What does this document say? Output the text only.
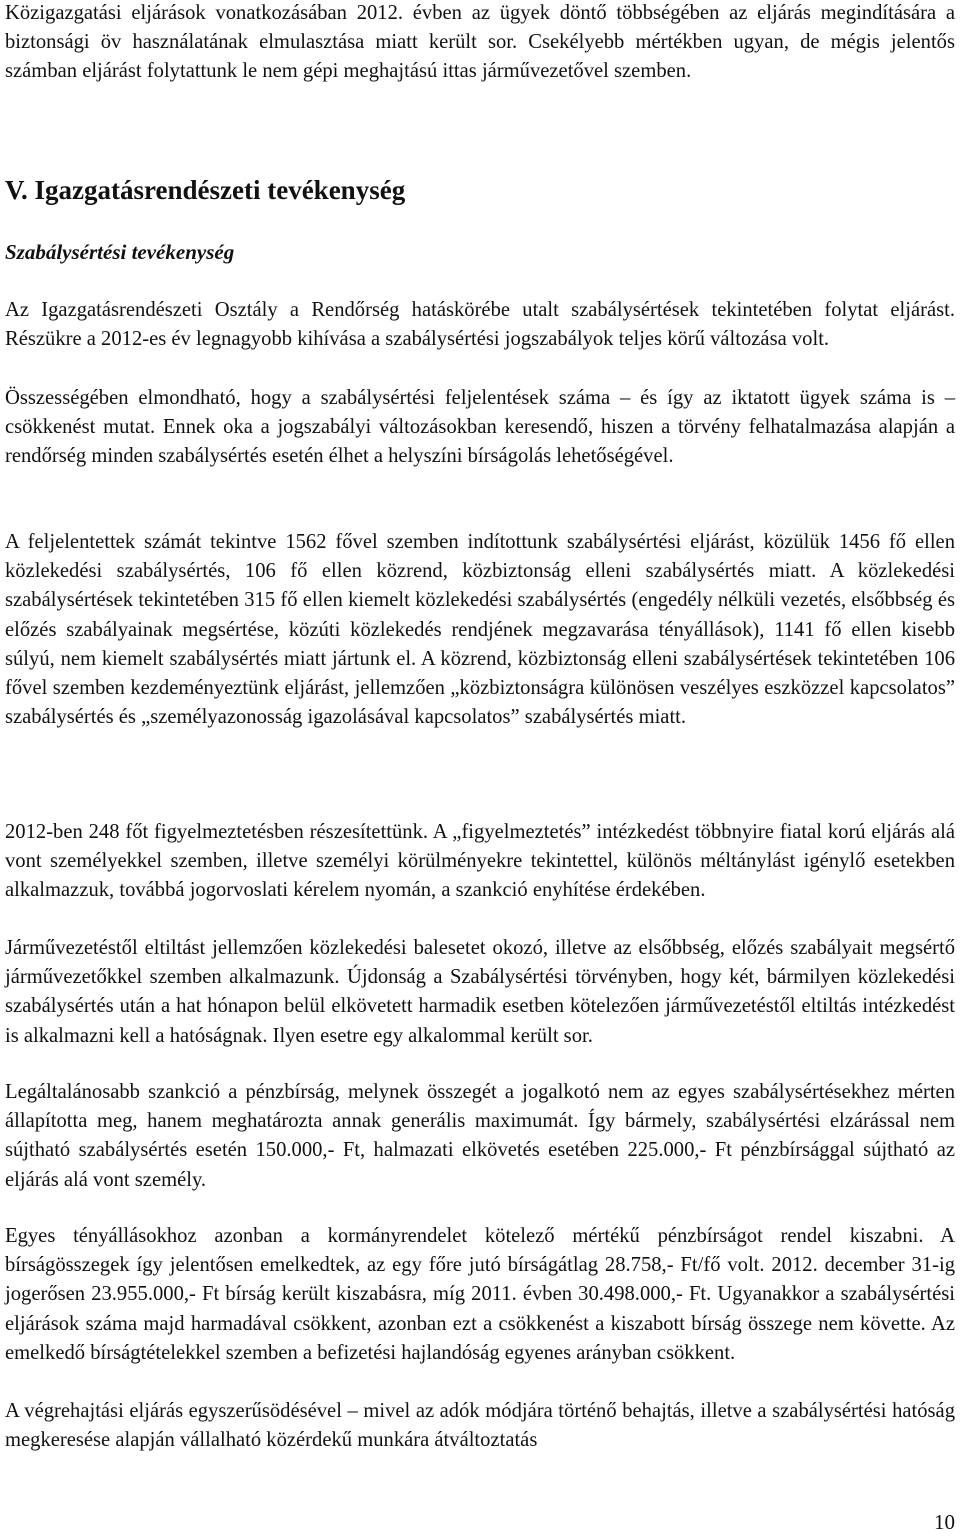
Közigazgatási eljárások vonatkozásában 2012. évben az ügyek döntő többségében az eljárás megindítására a biztonsági öv használatának elmulasztása miatt került sor. Csekélyebb mértékben ugyan, de mégis jelentős számban eljárást folytattunk le nem gépi meghajtású ittas járművezetővel szemben.

V. Igazgatásrendészeti tevékenység
Szabálysértési tevékenység

Az Igazgatásrendészeti Osztály a Rendőrség hatáskörébe utalt szabálysértések tekintetében folytat eljárást. Részükre a 2012-es év legnagyobb kihívása a szabálysértési jogszabályok teljes körű változása volt.

Összességében elmondható, hogy a szabálysértési feljelentések száma – és így az iktatott ügyek száma is – csökkenést mutat. Ennek oka a jogszabályi változásokban keresendő, hiszen a törvény felhatalmazása alapján a rendőrség minden szabálysértés esetén élhet a helyszíni bírságolás lehetőségével.

A feljelentettek számát tekintve 1562 fővel szemben indítottunk szabálysértési eljárást, közülük 1456 fő ellen közlekedési szabálysértés, 106 fő ellen közrend, közbiztonság elleni szabálysértés miatt. A közlekedési szabálysértések tekintetében 315 fő ellen kiemelt közlekedési szabálysértés (engedély nélküli vezetés, elsőbbség és előzés szabályainak megsértése, közúti közlekedés rendjének megzavarása tényállások), 1141 fő ellen kisebb súlyú, nem kiemelt szabálysértés miatt jártunk el. A közrend, közbiztonság elleni szabálysértések tekintetében 106 fővel szemben kezdeményeztünk eljárást, jellemzően „közbiztonságra különösen veszélyes eszközzel kapcsolatos” szabálysértés és „személyazonosság igazolásával kapcsolatos” szabálysértés miatt.

2012-ben 248 főt figyelmeztetésben részesítettünk. A „figyelmeztetés” intézkedést többnyire fiatal korú eljárás alá vont személyekkel szemben, illetve személyi körülményekre tekintettel, különös méltánylást igénylő esetekben alkalmazzuk, továbbá jogorvoslati kérelem nyomán, a szankció enyhítése érdekében.

Járművezetéstől eltiltást jellemzően közlekedési balesetet okozó, illetve az elsőbbség, előzés szabályait megsértő járművezetőkkel szemben alkalmazunk. Újdonság a Szabálysértési törvényben, hogy két, bármilyen közlekedési szabálysértés után a hat hónapon belül elkövetett harmadik esetben kötelezően járművezetéstől eltiltás intézkedést is alkalmazni kell a hatóságnak. Ilyen esetre egy alkalommal került sor.

Legáltalánosabb szankció a pénzbírság, melynek összegét a jogalkotó nem az egyes szabálysértésekhez mérten állapította meg, hanem meghatározta annak generális maximumát. Így bármely, szabálysértési elzárással nem sújtható szabálysértés esetén 150.000,- Ft, halmazati elkövetés esetében 225.000,- Ft pénzbírsággal sújtható az eljárás alá vont személy.

Egyes tényállásokhoz azonban a kormányrendelet kötelező mértékű pénzbírságot rendel kiszabni. A bírságösszegek így jelentősen emelkedtek, az egy főre jutó bírságátlag 28.758,- Ft/fő volt. 2012. december 31-ig jogerősen 23.955.000,- Ft bírság került kiszabásra, míg 2011. évben 30.498.000,- Ft. Ugyanakkor a szabálysértési eljárások száma majd harmadával csökkent, azonban ezt a csökkenést a kiszabott bírság összege nem követte. Az emelkedő bírságtételekkel szemben a befizetési hajlandóság egyenes arányban csökkent.

A végrehajtási eljárás egyszerűsödésével – mivel az adók módjára történő behajtás, illetve a szabálysértési hatóság megkeresése alapján vállalható közérdekű munkára átváltoztatás

10
